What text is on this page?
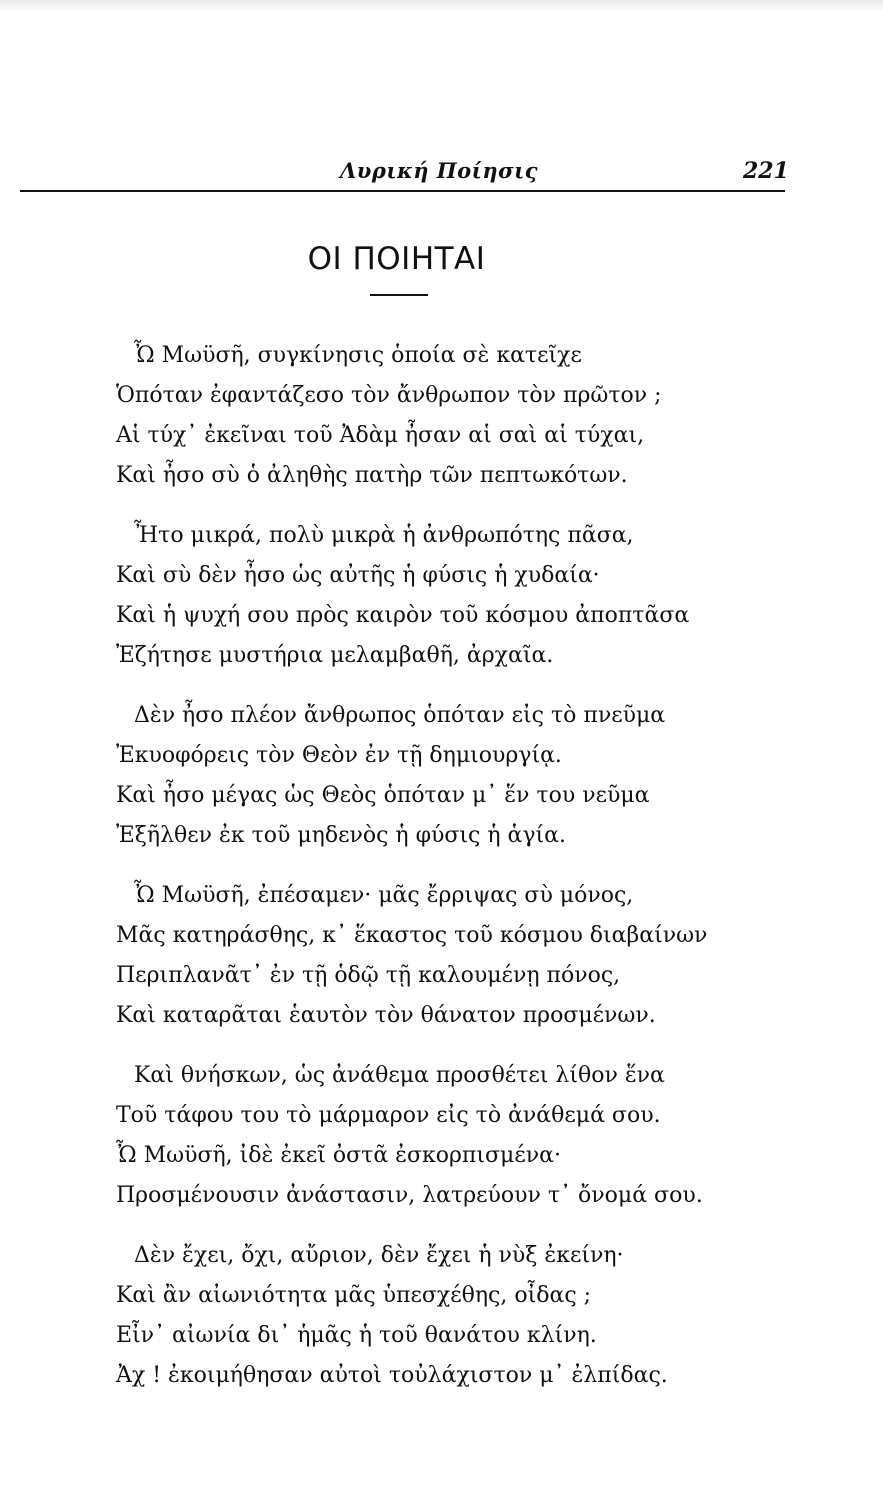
Λυρική Ποίησις	221
ΟΙ ΠΟΙΗΤΑΙ
Ὦ Μωϋσῆ, συγκίνησις ὁποία σὲ κατεῖχε
Ὁπόταν ἐφαντάζεσο τὸν ἄνθρωπον τὸν πρῶτον ;
Αἱ τύχ᾽ ἐκεῖναι τοῦ Ἀδὰμ ἦσαν αἱ σαὶ αἱ τύχαι,
Καὶ ἦσο σὺ ὁ ἀληθὴς πατὴρ τῶν πεπτωκότων.
Ἦτο μικρά, πολὺ μικρὰ ἡ ἀνθρωπότης πᾶσα,
Καὶ σὺ δὲν ἦσο ὡς αὐτῆς ἡ φύσις ἡ χυδαία·
Καὶ ἡ ψυχή σου πρὸς καιρὸν τοῦ κόσμου ἀποπτᾶσα
Ἐζήτησε μυστήρια μελαμβαθῆ, ἀρχαῖα.
Δὲν ἦσο πλέον ἄνθρωπος ὁπόταν εἰς τὸ πνεῦμα
Ἐκυοφόρεις τὸν Θεὸν ἐν τῇ δημιουργίᾳ.
Καὶ ἦσο μέγας ὡς Θεὸς ὁπόταν μ᾽ ἕν του νεῦμα
Ἐξῆλθεν ἐκ τοῦ μηδενὸς ἡ φύσις ἡ ἁγία.
Ὦ Μωϋσῆ, ἐπέσαμεν· μᾶς ἔρριψας σὺ μόνος,
Μᾶς κατηράσθης, κ᾽ ἕκαστος τοῦ κόσμου διαβαίνων
Περιπλανᾶτ᾽ ἐν τῇ ὁδῷ τῇ καλουμένῃ πόνος,
Καὶ καταρᾶται ἑαυτὸν τὸν θάνατον προσμένων.
Καὶ θνήσκων, ὡς ἀνάθεμα προσθέτει λίθον ἕνα
Τοῦ τάφου του τὸ μάρμαρον εἰς τὸ ἀνάθεμά σου.
Ὦ Μωϋσῆ, ἰδὲ ἐκεῖ ὀστᾶ ἐσκορπισμένα·
Προσμένουσιν ἀνάστασιν, λατρεύουν τ᾽ ὄνομά σου.
Δὲν ἔχει, ὄχι, αὔριον, δὲν ἔχει ἡ νὺξ ἐκείνη·
Καὶ ἂν αἰωνιότητα μᾶς ὑπεσχέθης, οἶδας ;
Εἶν᾽ αἰωνία δι᾽ ἡμᾶς ἡ τοῦ θανάτου κλίνη.
Ἀχ ! ἐκοιμήθησαν αὐτοὶ τοὐλάχιστον μ᾽ ἐλπίδας.
